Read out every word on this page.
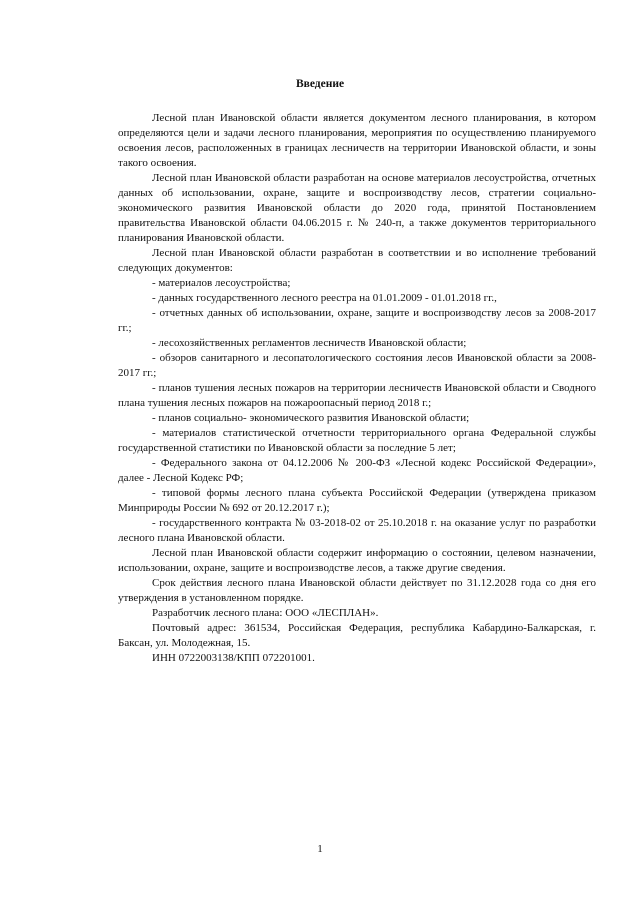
Введение

Лесной план Ивановской области является документом лесного планирования, в котором определяются цели и задачи лесного планирования, мероприятия по осуществлению планируемого освоения лесов, расположенных в границах лесничеств на территории Ивановской области, и зоны такого освоения.

Лесной план Ивановской области разработан на основе материалов лесоустройства, отчетных данных об использовании, охране, защите и воспроизводству лесов, стратегии социально-экономического развития Ивановской области до 2020 года, принятой Постановлением правительства Ивановской области 04.06.2015 г. № 240-п, а также документов территориального планирования Ивановской области.

Лесной план Ивановской области разработан в соответствии и во исполнение требований следующих документов:

- материалов лесоустройства;

- данных государственного лесного реестра на 01.01.2009 - 01.01.2018 гг.,

- отчетных данных об использовании, охране, защите и воспроизводству лесов за 2008-2017 гг.;

- лесохозяйственных регламентов лесничеств Ивановской области;

- обзоров санитарного и лесопатологического состояния лесов Ивановской области за 2008-2017 гг.;

- планов тушения лесных пожаров на территории лесничеств Ивановской области и Сводного плана тушения лесных пожаров на пожароопасный период 2018 г.;

- планов социально- экономического развития Ивановской области;

- материалов статистической отчетности территориального органа Федеральной службы государственной статистики по Ивановской области за последние 5 лет;

- Федерального закона от 04.12.2006 № 200-ФЗ «Лесной кодекс Российской Федерации», далее - Лесной Кодекс РФ;

- типовой формы лесного плана субъекта Российской Федерации (утверждена приказом Минприроды России № 692 от 20.12.2017 г.);

- государственного контракта № 03-2018-02 от 25.10.2018 г. на оказание услуг по разработки лесного плана Ивановской области.

Лесной план Ивановской области содержит информацию о состоянии, целевом назначении, использовании, охране, защите и воспроизводстве лесов, а также другие сведения.

Срок действия лесного плана Ивановской области действует по 31.12.2028 года со дня его утверждения в установленном порядке.

Разработчик лесного плана: ООО «ЛЕСПЛАН».

Почтовый адрес: 361534, Российская Федерация, республика Кабардино-Балкарская, г. Баксан, ул. Молодежная, 15.

ИНН 0722003138/КПП 072201001.

1
